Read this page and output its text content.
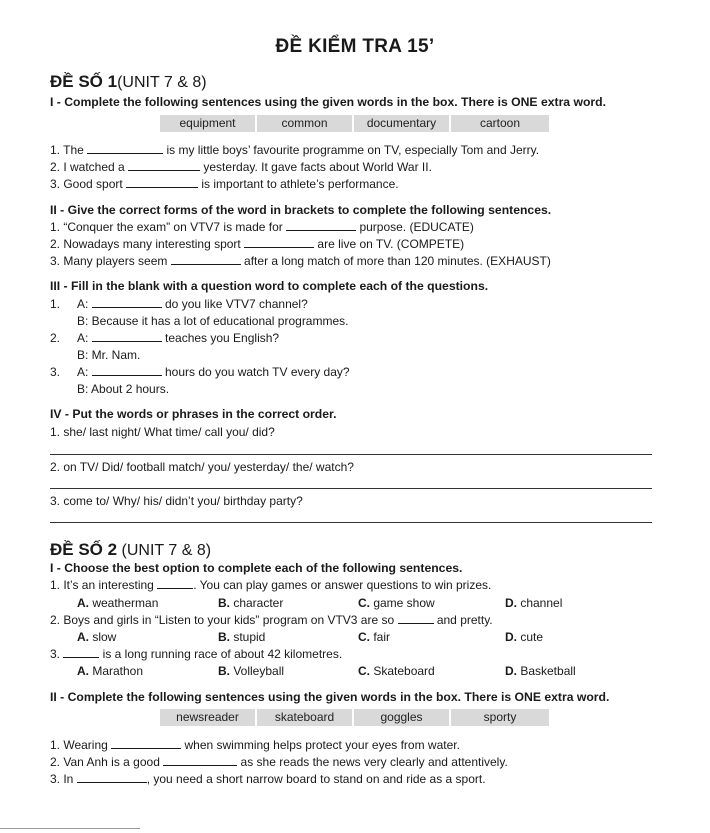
ĐỀ KIỂM TRA 15’
ĐỀ SỐ 1(UNIT 7 & 8)
I - Complete the following sentences using the given words in the box. There is ONE extra word.
equipment	common	documentary	cartoon
1. The	is my little boys’ favourite programme on TV, especially Tom and Jerry.
2. I watched a	yesterday. It gave facts about World War II.
3. Good sport	is important to athlete’s performance.
II - Give the correct forms of the word in brackets to complete the following sentences.
1. “Conquer the exam” on VTV7 is made for	purpose. (EDUCATE)
2. Nowadays many interesting sport	are live on TV. (COMPETE)
3. Many players seem	after a long match of more than 120 minutes. (EXHAUST)
III - Fill in the blank with a question word to complete each of the questions.
1. A:	do you like VTV7 channel?
B: Because it has a lot of educational programmes.
2. A:	teaches you English?
B: Mr. Nam.
3. A:	hours do you watch TV every day?
B: About 2 hours.
IV - Put the words or phrases in the correct order.
1. she/ last night/ What time/ call you/ did?
2. on TV/ Did/ football match/ you/ yesterday/ the/ watch?
3. come to/ Why/ his/ didn’t you/ birthday party?
ĐỀ SỐ 2 (UNIT 7 & 8)
I - Choose the best option to complete each of the following sentences.
1. It’s an interesting	. You can play games or answer questions to win prizes.
A. weatherman	B. character	C. game show	D. channel
2. Boys and girls in “Listen to your kids” program on VTV3 are so	and pretty.
A. slow	B. stupid	C. fair	D. cute
3.	is a long running race of about 42 kilometres.
A. Marathon	B. Volleyball	C. Skateboard	D. Basketball
II - Complete the following sentences using the given words in the box. There is ONE extra word.
newsreader	skateboard	goggles	sporty
1. Wearing	when swimming helps protect your eyes from water.
2. Van Anh is a good	as she reads the news very clearly and attentively.
3. In	, you need a short narrow board to stand on and ride as a sport.
